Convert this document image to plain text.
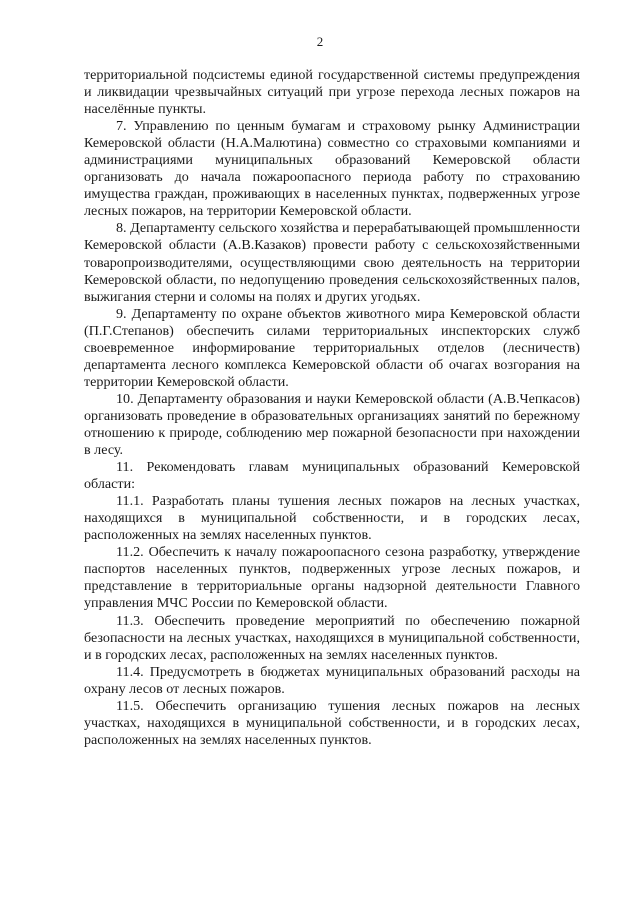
2

территориальной подсистемы единой государственной системы предупреждения и ликвидации чрезвычайных ситуаций при угрозе перехода лесных пожаров на населённые пункты.

7. Управлению по ценным бумагам и страховому рынку Администрации Кемеровской области (Н.А.Малютина) совместно со страховыми компаниями и администрациями муниципальных образований Кемеровской области организовать до начала пожароопасного периода работу по страхованию имущества граждан, проживающих в населенных пунктах, подверженных угрозе лесных пожаров, на территории Кемеровской области.

8. Департаменту сельского хозяйства и перерабатывающей промышленности Кемеровской области (А.В.Казаков) провести работу с сельскохозяйственными товаропроизводителями, осуществляющими свою деятельность на территории Кемеровской области, по недопущению проведения сельскохозяйственных палов, выжигания стерни и соломы на полях и других угодьях.

9. Департаменту по охране объектов животного мира Кемеровской области (П.Г.Степанов) обеспечить силами территориальных инспекторских служб своевременное информирование территориальных отделов (лесничеств) департамента лесного комплекса Кемеровской области об очагах возгорания на территории Кемеровской области.

10. Департаменту образования и науки Кемеровской области (А.В.Чепкасов) организовать проведение в образовательных организациях занятий по бережному отношению к природе, соблюдению мер пожарной безопасности при нахождении в лесу.

11. Рекомендовать главам муниципальных образований Кемеровской области:

11.1. Разработать планы тушения лесных пожаров на лесных участках, находящихся в муниципальной собственности, и в городских лесах, расположенных на землях населенных пунктов.

11.2. Обеспечить к началу пожароопасного сезона разработку, утверждение паспортов населенных пунктов, подверженных угрозе лесных пожаров, и представление в территориальные органы надзорной деятельности Главного управления МЧС России по Кемеровской области.

11.3. Обеспечить проведение мероприятий по обеспечению пожарной безопасности на лесных участках, находящихся в муниципальной собственности, и в городских лесах, расположенных на землях населенных пунктов.

11.4. Предусмотреть в бюджетах муниципальных образований расходы на охрану лесов от лесных пожаров.

11.5. Обеспечить организацию тушения лесных пожаров на лесных участках, находящихся в муниципальной собственности, и в городских лесах, расположенных на землях населенных пунктов.
